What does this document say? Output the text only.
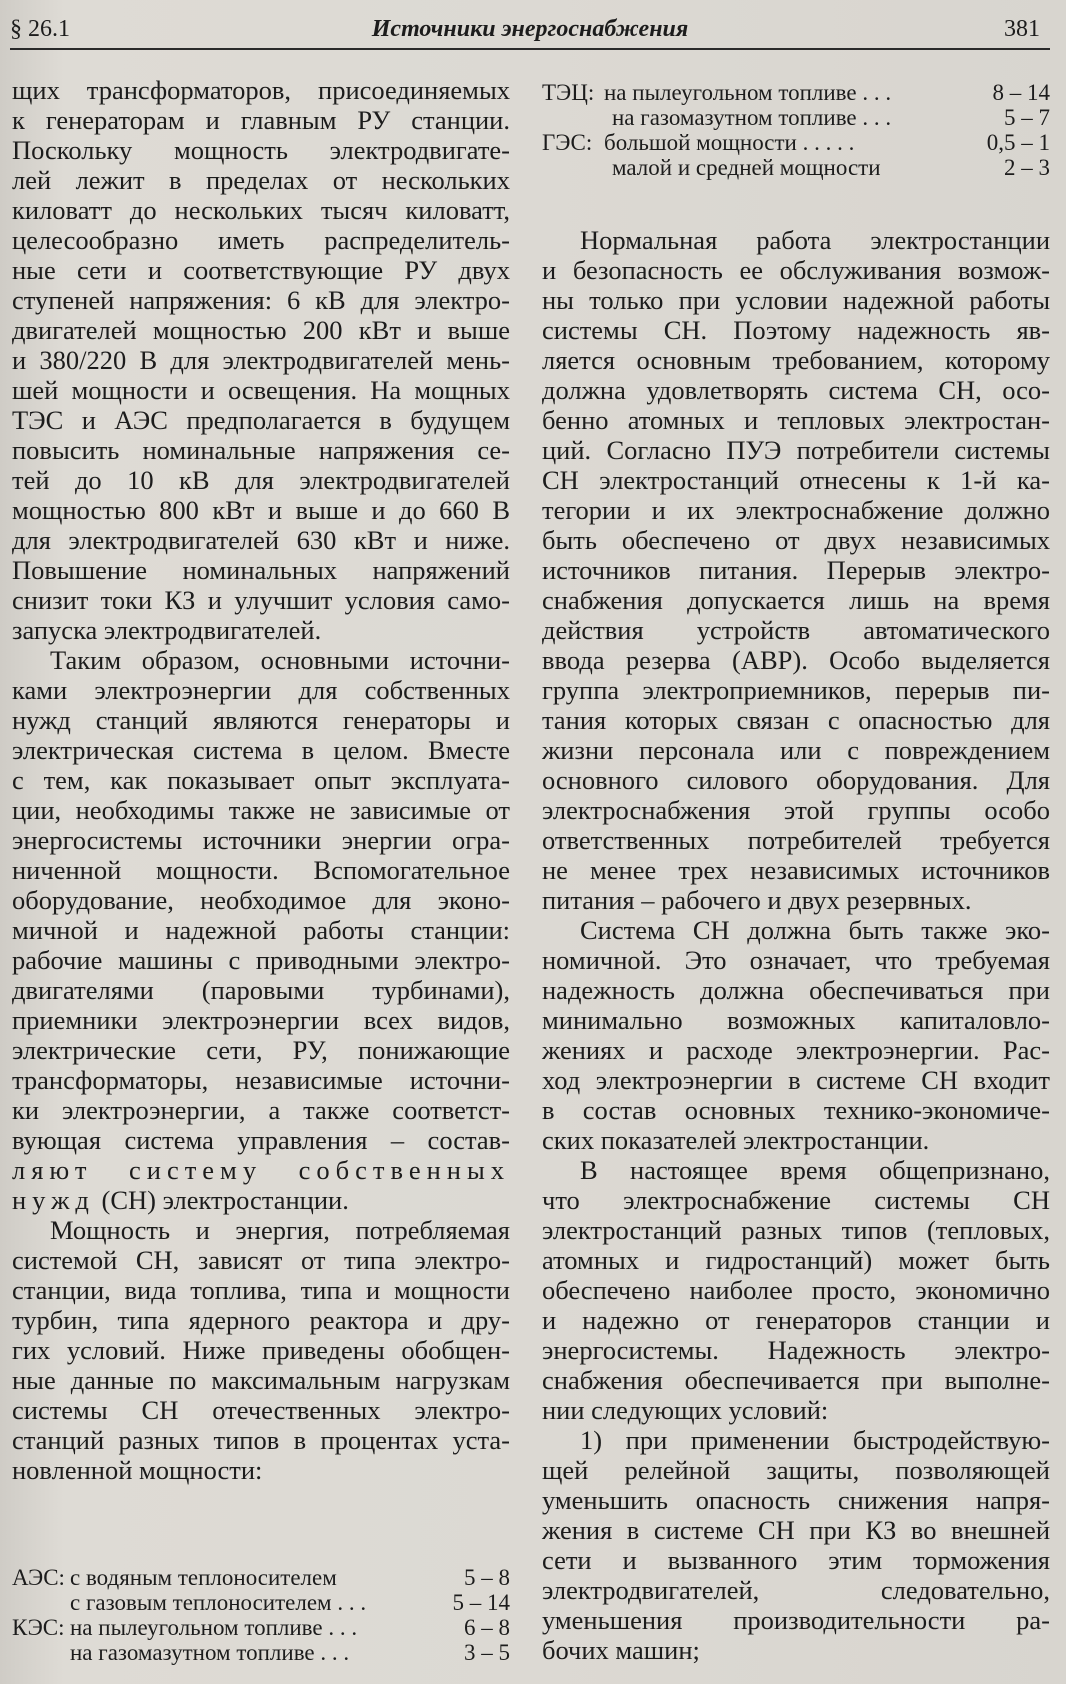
§ 26.1	Источники энергоснабжения	381

щих трансформаторов, присоединяемых

к генераторам и главным РУ станции.

Поскольку мощность электродвигате-

лей лежит в пределах от нескольких

киловатт до нескольких тысяч киловатт,

целесообразно иметь распределитель-

ные сети и соответствующие РУ двух

ступеней напряжения: 6 кВ для электро-

двигателей мощностью 200 кВт и выше

и 380/220 В для электродвигателей мень-

шей мощности и освещения. На мощных

ТЭС и АЭС предполагается в будущем

повысить номинальные напряжения се-

тей до 10 кВ для электродвигателей

мощностью 800 кВт и выше и до 660 В

для электродвигателей 630 кВт и ниже.

Повышение номинальных напряжений

снизит токи КЗ и улучшит условия само-

запуска электродвигателей.

Таким образом, основными источни-

ками электроэнергии для собственных

нужд станций являются генераторы и

электрическая система в целом. Вместе

с тем, как показывает опыт эксплуата-

ции, необходимы также не зависимые от

энергосистемы источники энергии огра-

ниченной мощности. Вспомогательное

оборудование, необходимое для эконо-

мичной и надежной работы станции:

рабочие машины с приводными электро-

двигателями (паровыми турбинами),

приемники электроэнергии всех видов,

электрические сети, РУ, понижающие

трансформаторы, независимые источни-

ки электроэнергии, а также соответст-

вующая система управления – состав-

ляют систему собственных

нужд (СН) электростанции.

Мощность и энергия, потребляемая

системой СН, зависят от типа электро-

станции, вида топлива, типа и мощности

турбин, типа ядерного реактора и дру-

гих условий. Ниже приведены обобщен-

ные данные по максимальным нагрузкам

системы СН отечественных электро-

станций разных типов в процентах уста-

новленной мощности:

АЭС: с водяным теплоносителем	5 – 8
с газовым теплоносителем . . .	5 – 14
КЭС: на пылеугольном топливе . . .	6 – 8
на газомазутном топливе . . .	3 – 5
ТЭЦ: на пылеугольном топливе . . .	8 – 14
на газомазутном топливе . . .	5 – 7
ГЭС: большой мощности . . . . .	0,5 – 1
малой и средней мощности	2 – 3

Нормальная работа электростанции

и безопасность ее обслуживания возмож-

ны только при условии надежной работы

системы СН. Поэтому надежность яв-

ляется основным требованием, которому

должна удовлетворять система СН, осо-

бенно атомных и тепловых электростан-

ций. Согласно ПУЭ потребители системы

СН электростанций отнесены к 1-й ка-

тегории и их электроснабжение должно

быть обеспечено от двух независимых

источников питания. Перерыв электро-

снабжения допускается лишь на время

действия устройств автоматического

ввода резерва (АВР). Особо выделяется

группа электроприемников, перерыв пи-

тания которых связан с опасностью для

жизни персонала или с повреждением

основного силового оборудования. Для

электроснабжения этой группы особо

ответственных потребителей требуется

не менее трех независимых источников

питания – рабочего и двух резервных.

Система СН должна быть также эко-

номичной. Это означает, что требуемая

надежность должна обеспечиваться при

минимально возможных капиталовло-

жениях и расходе электроэнергии. Рас-

ход электроэнергии в системе СН входит

в состав основных технико-экономиче-

ских показателей электростанции.

В настоящее время общепризнано,

что электроснабжение системы СН

электростанций разных типов (тепловых,

атомных и гидростанций) может быть

обеспечено наиболее просто, экономично

и надежно от генераторов станции и

энергосистемы. Надежность электро-

снабжения обеспечивается при выполне-

нии следующих условий:

1) при применении быстродействую-

щей релейной защиты, позволяющей

уменьшить опасность снижения напря-

жения в системе СН при КЗ во внешней

сети и вызванного этим торможения

электродвигателей, следовательно,

уменьшения производительности ра-

бочих машин;
